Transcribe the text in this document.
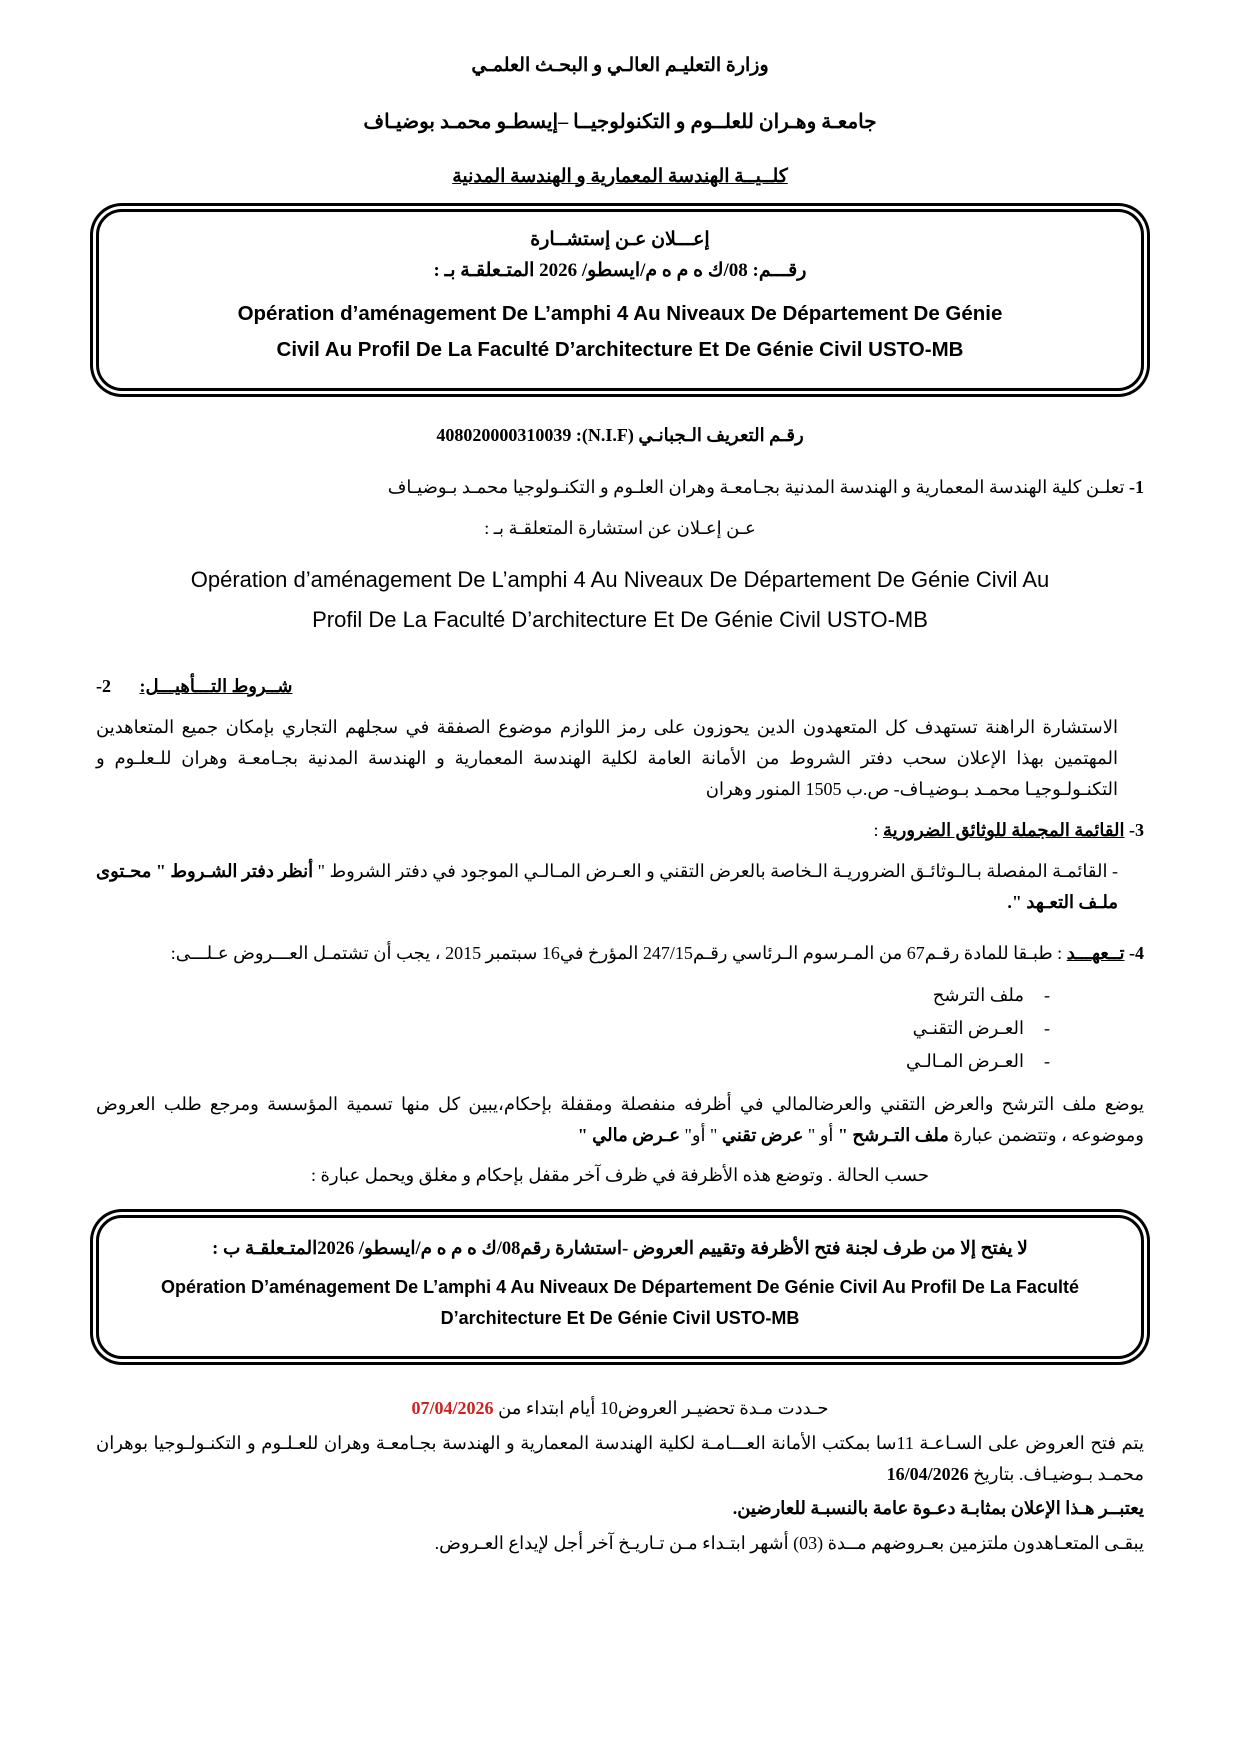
وزارة التعليـم العالـي و البحـث العلمـي
جامعـة وهـران للعلــوم و التكنولوجيــا –إيسطـو محمـد بوضيـاف
كلــيــة الهندسة المعمارية و الهندسة المدنية
إعـــلان عـن إستشــارة
رقـــم: 08/ك ه م ه م/ايسطو/ 2026 المتـعلقـة بـ :
Opération d’aménagement De L’amphi 4 Au Niveaux De Département De Génie
Civil Au Profil De La Faculté D’architecture Et De Génie Civil USTO-MB
رقـم التعريف الـجبانـي (N.I.F): 408020000310039

1- تعلـن كلية الهندسة المعمارية و الهندسة المدنية بجـامعـة وهران العلـوم و التكنـولوجيا محمـد بـوضيـاف

عـن إعـلان عن استشارة المتعلقـة بـ :

Opération d’aménagement De L’amphi 4 Au Niveaux De Département De Génie Civil Au
Profil De La Faculté D’architecture Et De Génie Civil USTO-MB

شــروط التـــأهيـــل: 2-

الاستشارة الراهنة تستهدف كل المتعهدون الدين يحوزون على رمز اللوازم موضوع الصفقة في سجلهم التجاري بإمكان جميع المتعاهدين المهتمين بهذا الإعلان سحب دفتر الشروط من الأمانة العامة لكلية الهندسة المعمارية و الهندسة المدنية بجـامعـة وهران للـعلـوم و التكنـولـوجيـا محمـد بـوضيـاف- ص.ب 1505 المنور وهران

3- القائمة المجملة للوثائق الضرورية :

- القائمـة المفصلة بـالـوثائـق الضروريـة الـخاصة بالعرض التقني و العـرض المـالـي الموجود في دفتر الشروط " أنظر دفتر الشـروط " محـتوى ملـف التعـهد ".

4- تــعهـــد : طبـقا للمادة رقـم67 من المـرسوم الـرئاسي رقـم247/15 المؤرخ في16 سبتمبر 2015 ، يجب أن تشتمـل العـــروض عـلـــى:

- ملف الترشح
- العـرض التقنـي
- العـرض المـالـي

يوضع ملف الترشح والعرض التقني والعرضالمالي في أظرفه منفصلة ومقفلة بإحكام،يبين كل منها تسمية المؤسسة ومرجع طلب العروض وموضوعه ، وتتضمن عبارة ملف التـرشح " أو " عرض تقني " أو" عـرض مالي "

حسب الحالة . وتوضع هذه الأظرفة في ظرف آخر مقفل بإحكام و مغلق ويحمل عبارة :

لا يفتح إلا من طرف لجنة فتح الأظرفة وتقييم العروض -استشارة رقم08/ك ه م ه م/ايسطو/ 2026المتـعلقـة ب :
Opération D’aménagement De L’amphi 4 Au Niveaux De Département De Génie Civil Au Profil De La Faculté
D’architecture Et De Génie Civil USTO-MB

حـددت مـدة تحضيـر العروض10 أيام ابتداء من 07/04/2026

يتم فتح العروض على السـاعـة 11سا بمكتب الأمانة العـــامـة لكلية الهندسة المعمارية و الهندسة بجـامعـة وهران للعـلـوم و التكنـولـوجيا بوهران محمـد بـوضيـاف. بتاريخ 16/04/2026

يعتبــر هـذا الإعلان بمثابـة دعـوة عامة بالنسبـة للعارضين.

يبقـى المتعـاهدون ملتزمين بعـروضهم مــدة (03) أشهر ابتـداء مـن تـاريـخ آخر أجل لإيداع العـروض.
